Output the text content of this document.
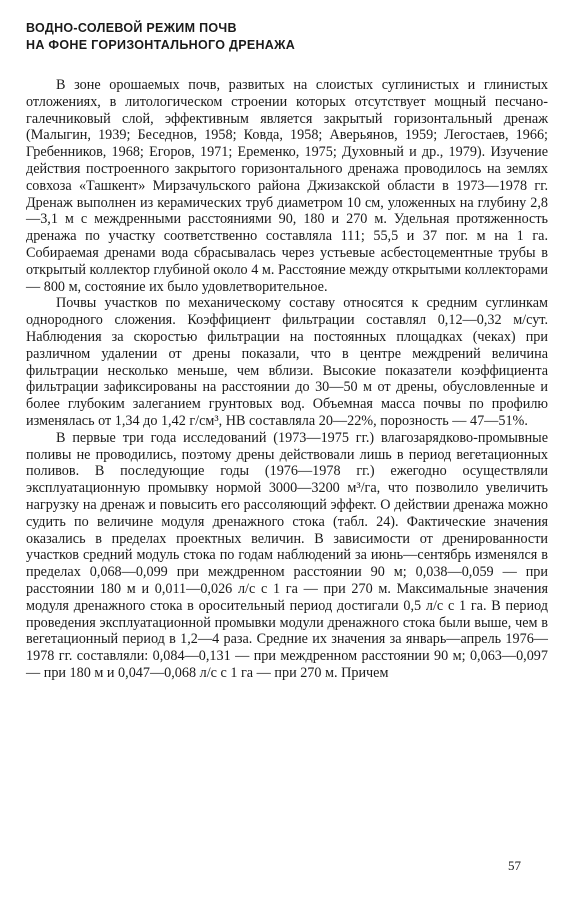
ВОДНО-СОЛЕВОЙ РЕЖИМ ПОЧВ
НА ФОНЕ ГОРИЗОНТАЛЬНОГО ДРЕНАЖА

В зоне орошаемых почв, развитых на слоистых суглинистых и глинистых отложениях, в литологическом строении которых отсутствует мощный песчано-галечниковый слой, эффективным является закрытый горизонтальный дренаж (Малыгин, 1939; Беседнов, 1958; Ковда, 1958; Аверьянов, 1959; Легостаев, 1966; Гребенников, 1968; Егоров, 1971; Еременко, 1975; Духовный и др., 1979). Изучение действия построенного закрытого горизонтального дренажа проводилось на землях совхоза «Ташкент» Мирзачульского района Джизакской области в 1973—1978 гг. Дренаж выполнен из керамических труб диаметром 10 см, уложенных на глубину 2,8—3,1 м с междренными расстояниями 90, 180 и 270 м. Удельная протяженность дренажа по участку соответственно составляла 111; 55,5 и 37 пог. м на 1 га. Собираемая дренами вода сбрасывалась через устьевые асбестоцементные трубы в открытый коллектор глубиной около 4 м. Расстояние между открытыми коллекторами — 800 м, состояние их было удовлетворительное.

Почвы участков по механическому составу относятся к средним суглинкам однородного сложения. Коэффициент фильтрации составлял 0,12—0,32 м/сут. Наблюдения за скоростью фильтрации на постоянных площадках (чеках) при различном удалении от дрены показали, что в центре междрений величина фильтрации несколько меньше, чем вблизи. Высокие показатели коэффициента фильтрации зафиксированы на расстоянии до 30—50 м от дрены, обусловленные и более глубоким залеганием грунтовых вод. Объемная масса почвы по профилю изменялась от 1,34 до 1,42 г/см³, НВ составляла 20—22%, порозность — 47—51%.

В первые три года исследований (1973—1975 гг.) влагозарядково-промывные поливы не проводились, поэтому дрены действовали лишь в период вегетационных поливов. В последующие годы (1976—1978 гг.) ежегодно осуществляли эксплуатационную промывку нормой 3000—3200 м³/га, что позволило увеличить нагрузку на дренаж и повысить его рассоляющий эффект. О действии дренажа можно судить по величине модуля дренажного стока (табл. 24). Фактические значения оказались в пределах проектных величин. В зависимости от дренированности участков средний модуль стока по годам наблюдений за июнь—сентябрь изменялся в пределах 0,068—0,099 при междренном расстоянии 90 м; 0,038—0,059 — при расстоянии 180 м и 0,011—0,026 л/с с 1 га — при 270 м. Максимальные значения модуля дренажного стока в оросительный период достигали 0,5 л/с с 1 га. В период проведения эксплуатационной промывки модули дренажного стока были выше, чем в вегетационный период в 1,2—4 раза. Средние их значения за январь—апрель 1976—1978 гг. составляли: 0,084—0,131 — при междренном расстоянии 90 м; 0,063—0,097 — при 180 м и 0,047—0,068 л/с с 1 га — при 270 м. Причем

57
